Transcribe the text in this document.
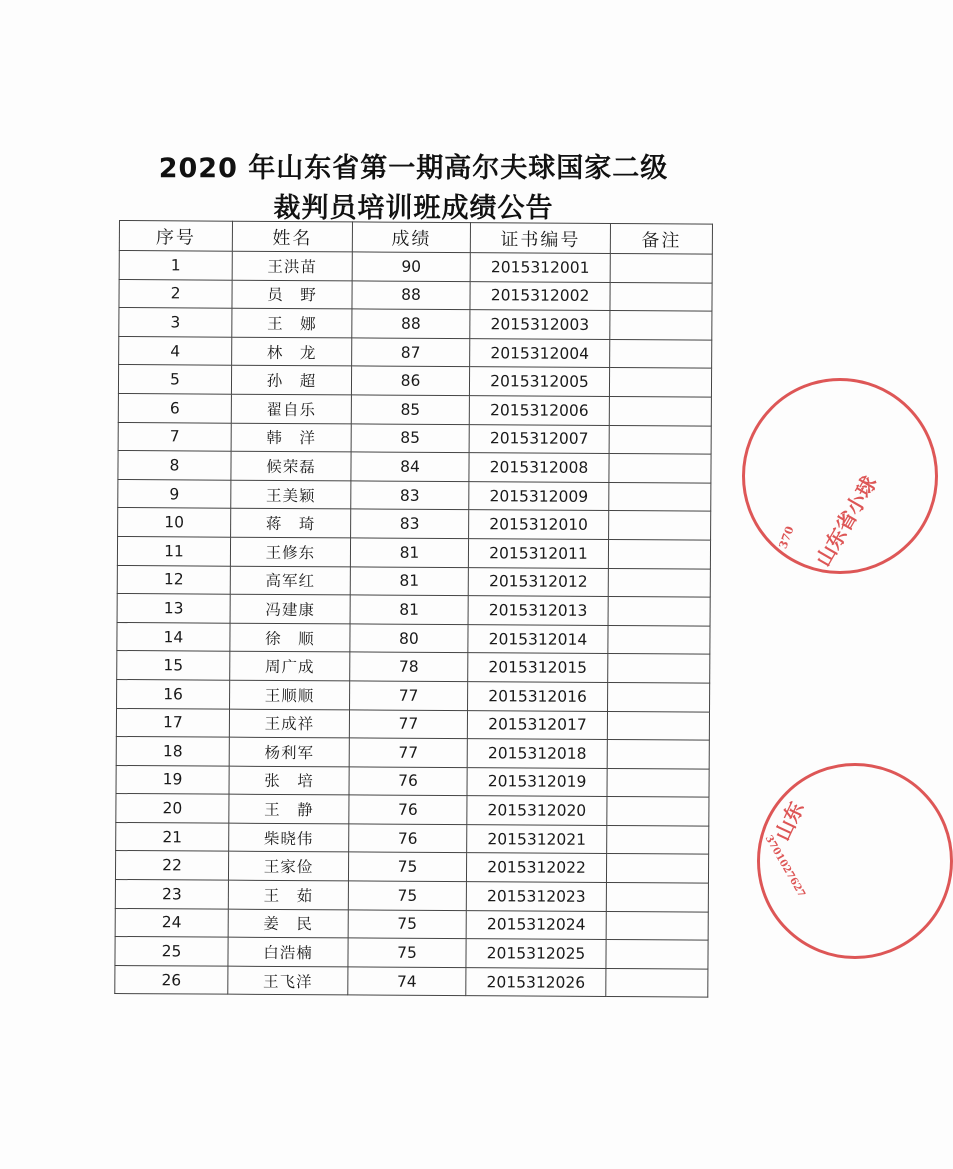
2020 年山东省第一期高尔夫球国家二级
裁判员培训班成绩公告
序号	姓名	成绩	证书编号	备注
1	王洪苗	90	2015312001	
2	员　野	88	2015312002	
3	王　娜	88	2015312003	
4	林　龙	87	2015312004	
5	孙　超	86	2015312005	
6	翟自乐	85	2015312006	
7	韩　洋	85	2015312007	
8	候荣磊	84	2015312008	
9	王美颖	83	2015312009	
10	蒋　琦	83	2015312010	
11	王修东	81	2015312011	
12	高军红	81	2015312012	
13	冯建康	81	2015312013	
14	徐　顺	80	2015312014	
15	周广成	78	2015312015	
16	王顺顺	77	2015312016	
17	王成祥	77	2015312017	
18	杨利军	77	2015312018	
19	张　培	76	2015312019	
20	王　静	76	2015312020	
21	柴晓伟	76	2015312021	
22	王家俭	75	2015312022	
23	王　茹	75	2015312023	
24	姜　民	75	2015312024	
25	白浩楠	75	2015312025	
26	王飞洋	74	2015312026	
山东省小球
370
山东
3701027627
